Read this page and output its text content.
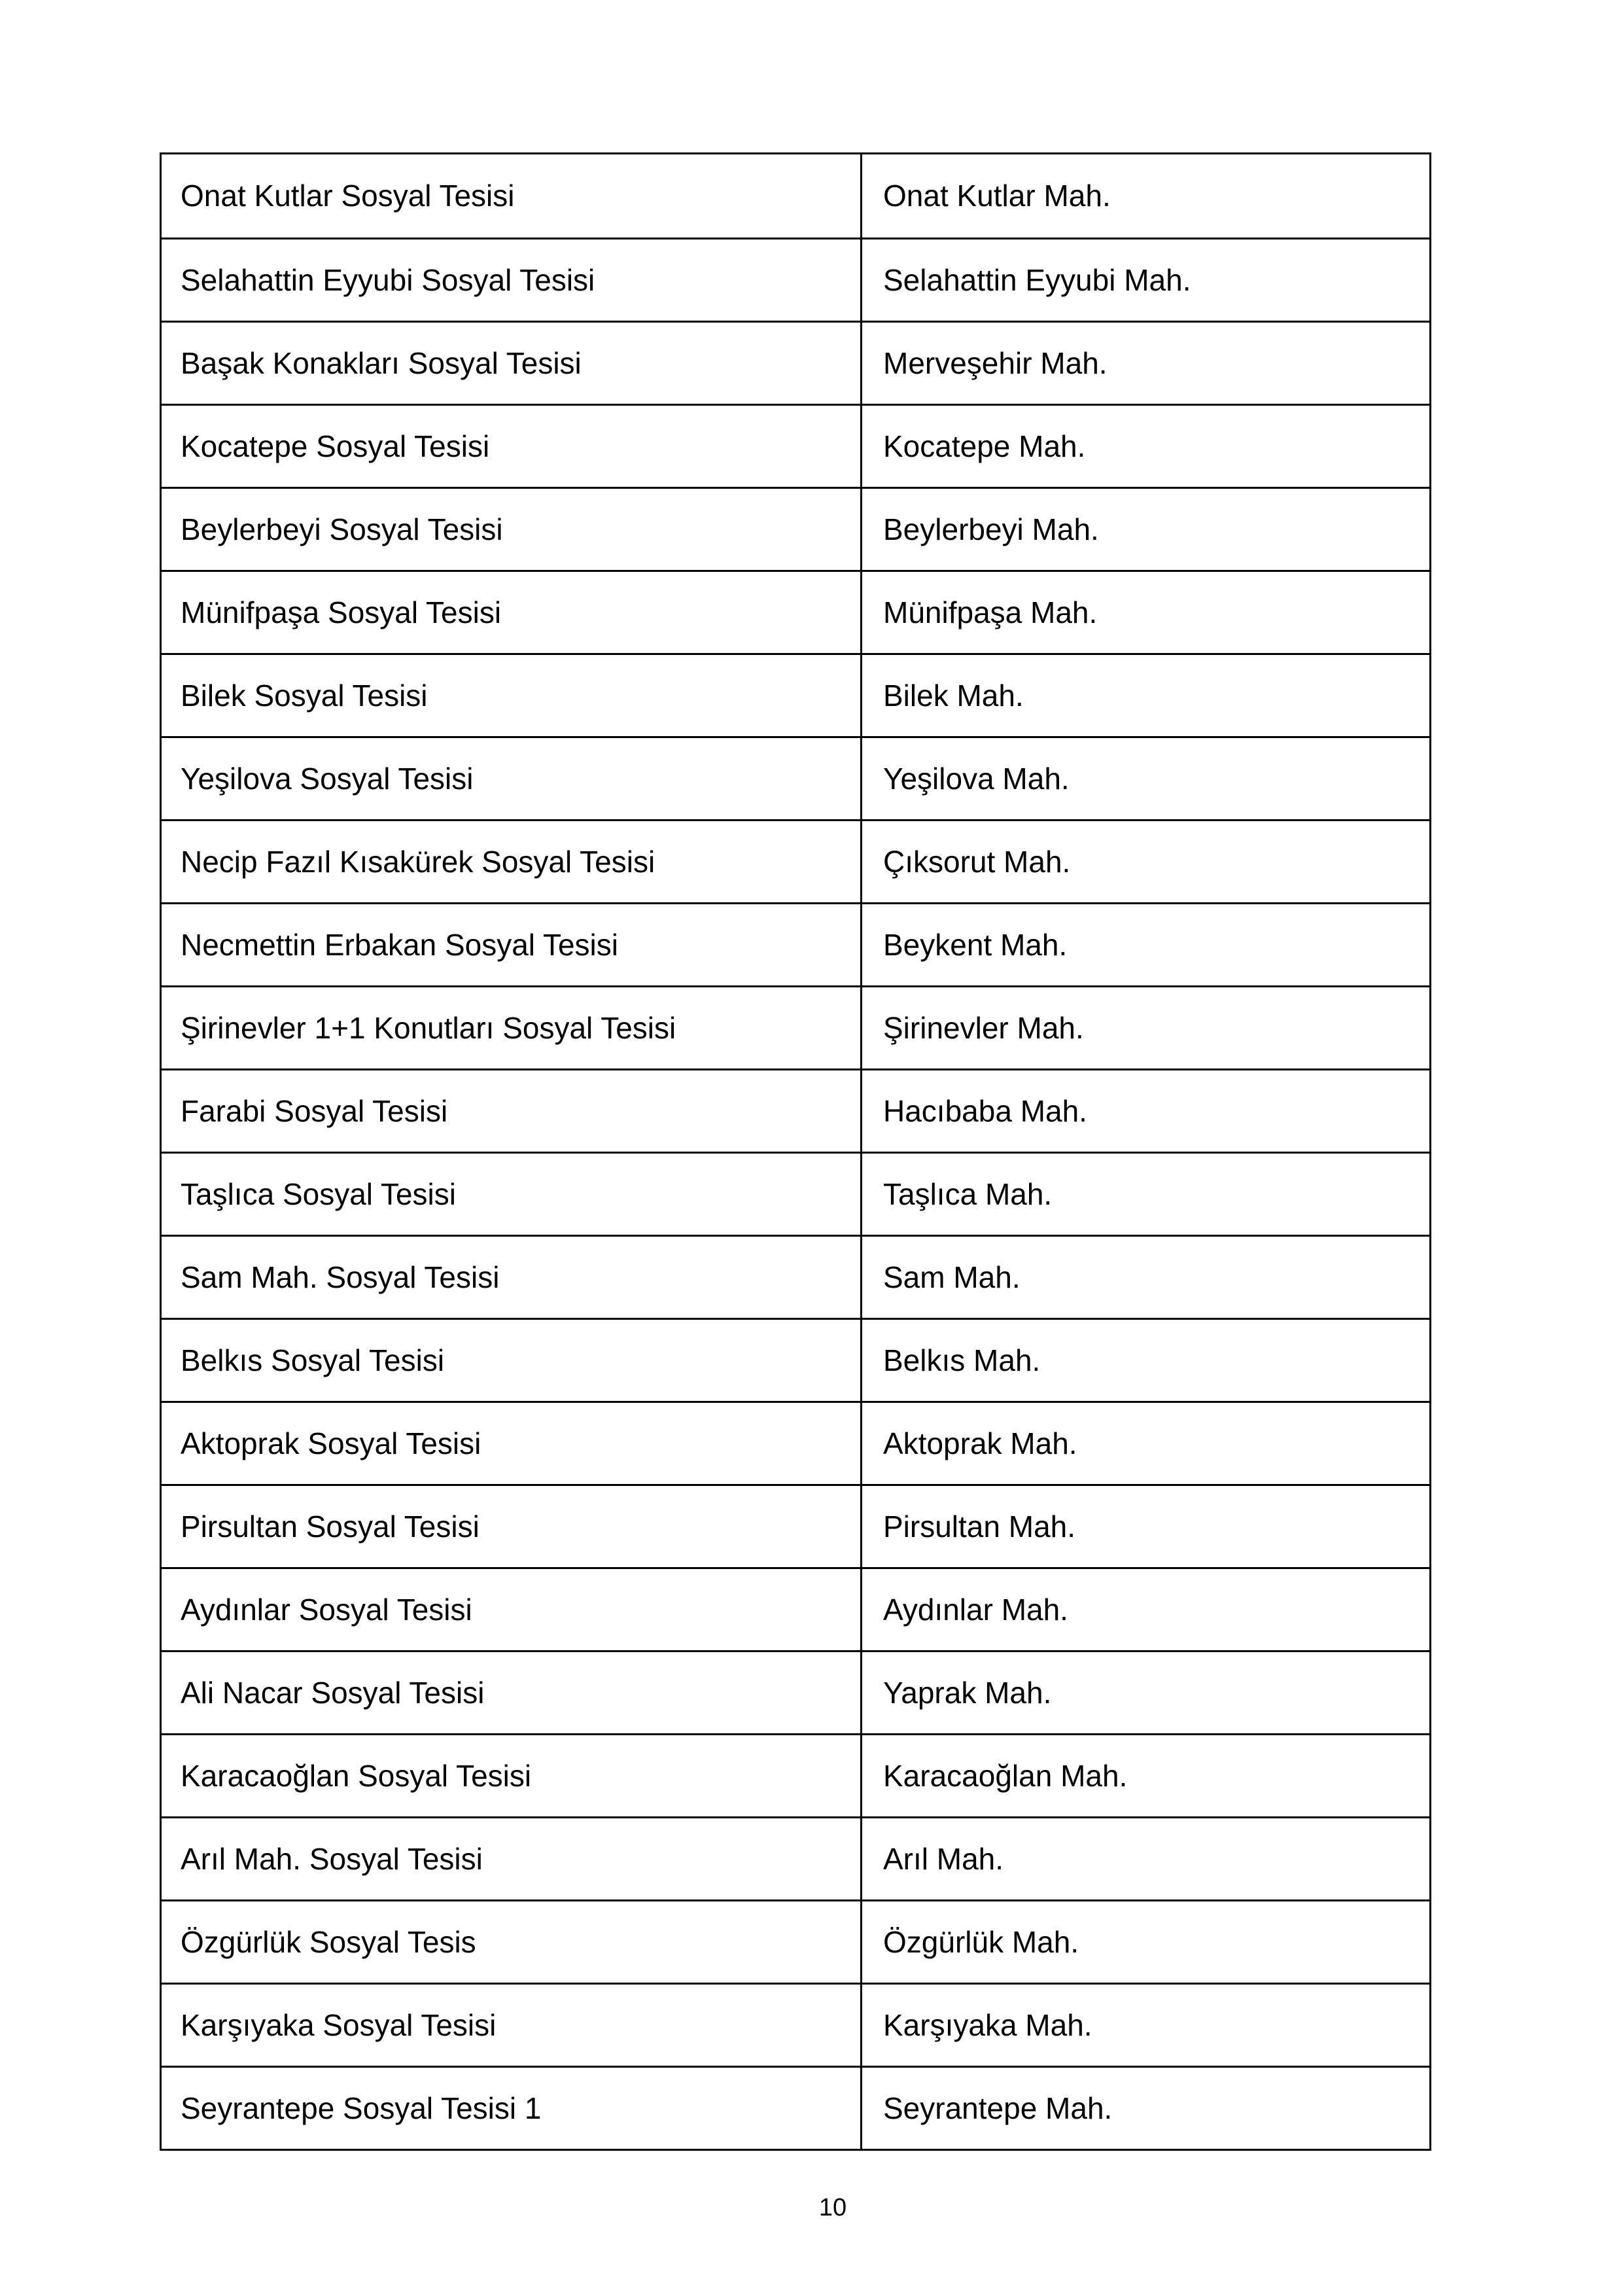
Onat Kutlar Sosyal Tesisi	Onat Kutlar Mah.
Selahattin Eyyubi Sosyal Tesisi	Selahattin Eyyubi Mah.
Başak Konakları Sosyal Tesisi	Merveşehir Mah.
Kocatepe Sosyal Tesisi	Kocatepe Mah.
Beylerbeyi Sosyal Tesisi	Beylerbeyi Mah.
Münifpaşa Sosyal Tesisi	Münifpaşa Mah.
Bilek Sosyal Tesisi	Bilek Mah.
Yeşilova Sosyal Tesisi	Yeşilova Mah.
Necip Fazıl Kısakürek Sosyal Tesisi	Çıksorut Mah.
Necmettin Erbakan Sosyal Tesisi	Beykent Mah.
Şirinevler 1+1 Konutları Sosyal Tesisi	Şirinevler Mah.
Farabi Sosyal Tesisi	Hacıbaba Mah.
Taşlıca Sosyal Tesisi	Taşlıca Mah.
Sam Mah. Sosyal Tesisi	Sam Mah.
Belkıs Sosyal Tesisi	Belkıs Mah.
Aktoprak Sosyal Tesisi	Aktoprak Mah.
Pirsultan Sosyal Tesisi	Pirsultan Mah.
Aydınlar Sosyal Tesisi	Aydınlar Mah.
Ali Nacar Sosyal Tesisi	Yaprak Mah.
Karacaoğlan Sosyal Tesisi	Karacaoğlan Mah.
Arıl Mah. Sosyal Tesisi	Arıl Mah.
Özgürlük Sosyal Tesis	Özgürlük Mah.
Karşıyaka Sosyal Tesisi	Karşıyaka Mah.
Seyrantepe Sosyal Tesisi 1	Seyrantepe Mah.
10
